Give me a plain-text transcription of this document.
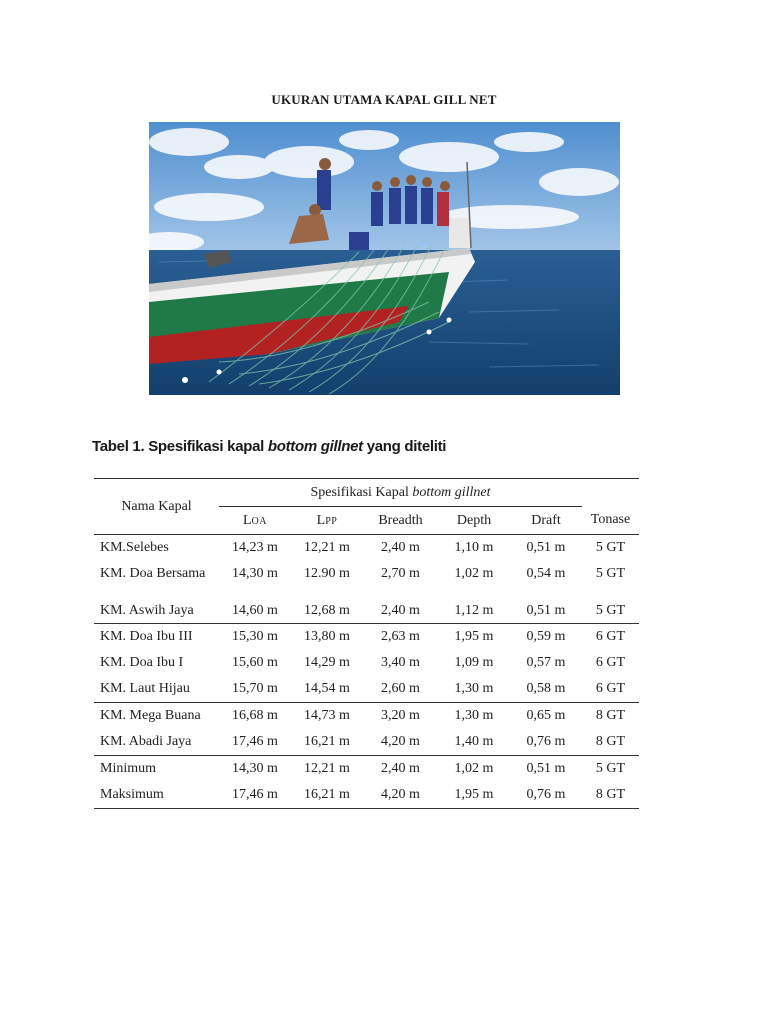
UKURAN UTAMA KAPAL GILL NET
Tabel 1. Spesifikasi kapal bottom gillnet yang diteliti
Nama Kapal	Spesifikasi Kapal bottom gillnet					
	LOA	LPP	Breadth	Depth	Draft	Tonase
KM.Selebes	14,23 m	12,21 m	2,40 m	1,10 m	0,51 m	5 GT
KM. Doa Bersama	14,30 m	12.90 m	2,70 m	1,02 m	0,54 m	5 GT
KM. Aswih Jaya	14,60 m	12,68 m	2,40 m	1,12 m	0,51 m	5 GT
KM. Doa Ibu III	15,30 m	13,80 m	2,63 m	1,95 m	0,59 m	6 GT
KM. Doa Ibu I	15,60 m	14,29 m	3,40 m	1,09 m	0,57 m	6 GT
KM. Laut Hijau	15,70 m	14,54 m	2,60 m	1,30 m	0,58 m	6 GT
KM. Mega Buana	16,68 m	14,73 m	3,20 m	1,30 m	0,65 m	8 GT
KM. Abadi Jaya	17,46 m	16,21 m	4,20 m	1,40 m	0,76 m	8 GT
Minimum	14,30 m	12,21 m	2,40 m	1,02 m	0,51 m	5 GT
Maksimum	17,46 m	16,21 m	4,20 m	1,95 m	0,76 m	8 GT
